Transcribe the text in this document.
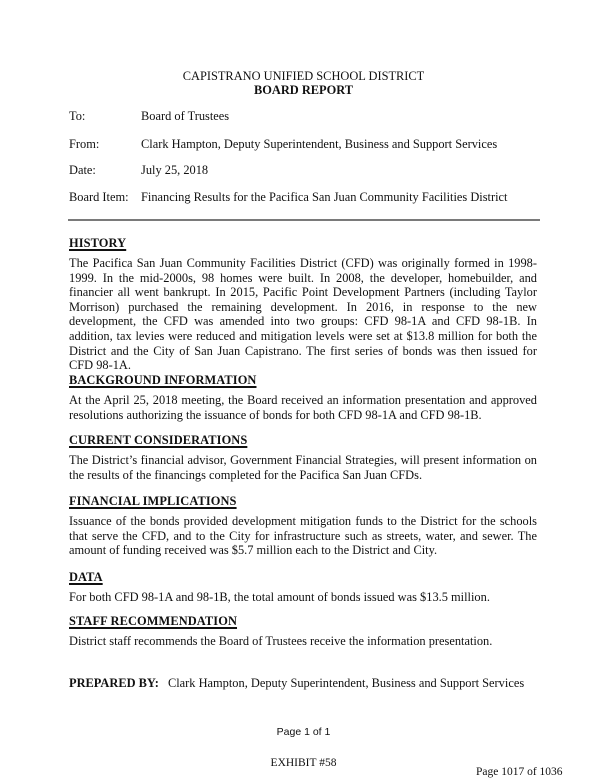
CAPISTRANO UNIFIED SCHOOL DISTRICT
BOARD REPORT
To:	Board of Trustees
From:	Clark Hampton, Deputy Superintendent, Business and Support Services
Date:	July 25, 2018
Board Item: Financing Results for the Pacifica San Juan Community Facilities District
HISTORY
The Pacifica San Juan Community Facilities District (CFD) was originally formed in 1998-1999. In the mid-2000s, 98 homes were built. In 2008, the developer, homebuilder, and financier all went bankrupt. In 2015, Pacific Point Development Partners (including Taylor Morrison) purchased the remaining development. In 2016, in response to the new development, the CFD was amended into two groups: CFD 98-1A and CFD 98-1B. In addition, tax levies were reduced and mitigation levels were set at $13.8 million for both the District and the City of San Juan Capistrano. The first series of bonds was then issued for CFD 98-1A.
BACKGROUND INFORMATION
At the April 25, 2018 meeting, the Board received an information presentation and approved resolutions authorizing the issuance of bonds for both CFD 98-1A and CFD 98-1B.
CURRENT CONSIDERATIONS
The District’s financial advisor, Government Financial Strategies, will present information on the results of the financings completed for the Pacifica San Juan CFDs.
FINANCIAL IMPLICATIONS
Issuance of the bonds provided development mitigation funds to the District for the schools that serve the CFD, and to the City for infrastructure such as streets, water, and sewer. The amount of funding received was $5.7 million each to the District and City.
DATA
For both CFD 98-1A and 98-1B, the total amount of bonds issued was $13.5 million.
STAFF RECOMMENDATION
District staff recommends the Board of Trustees receive the information presentation.
PREPARED BY: Clark Hampton, Deputy Superintendent, Business and Support Services
Page 1 of 1
EXHIBIT #58
Page 1017 of 1036
